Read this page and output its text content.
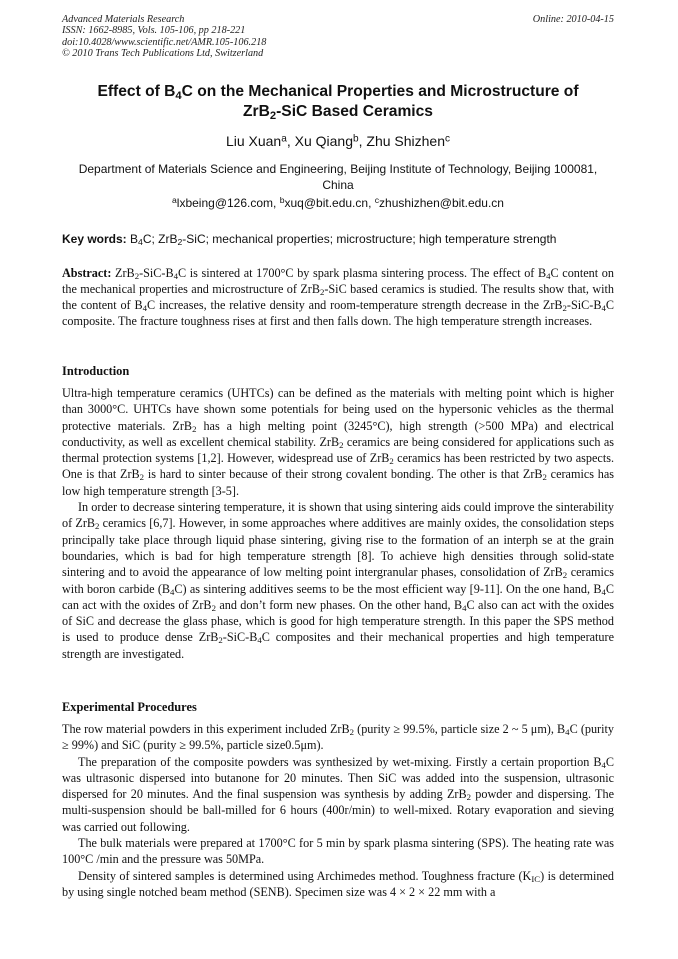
Advanced Materials Research
ISSN: 1662-8985, Vols. 105-106, pp 218-221
doi:10.4028/www.scientific.net/AMR.105-106.218
© 2010 Trans Tech Publications Ltd, Switzerland
Online: 2010-04-15
Effect of $B_4C$ on the Mechanical Properties and Microstructure of
ZrB$_2$-SiC Based Ceramics
Liu Xuan$^a$, Xu Qiang$^b$, Zhu Shizhen$^c$
Department of Materials Science and Engineering, Beijing Institute of Technology, Beijing 100081,
China
$^a$lxbeing@126.com, $^b$xuq@bit.edu.cn, $^c$zhushizhen@bit.edu.cn
Key words: $B_4C$; ZrB$_2$-SiC; mechanical properties; microstructure; high temperature strength
Abstract: $ZrB_2-SiC-B_4C$ is sintered at 1700°C by spark plasma sintering process. The effect of $B_4C$ content on the mechanical properties and microstructure of ZrB$_2$-SiC based ceramics is studied. The results show that, with the content of $B_4C$ increases, the relative density and room-temperature strength decrease in the $ZrB_2-SiC-B_4C$ composite. The fracture toughness rises at first and then falls down. The high temperature strength increases.
Introduction

Ultra-high temperature ceramics (UHTCs) can be defined as the materials with melting point which is higher than 3000°C. UHTCs have shown some potentials for being used on the hypersonic vehicles as the thermal protective materials. ZrB$_2$ has a high melting point (3245°C), high strength (>500 MPa) and electrical conductivity, as well as excellent chemical stability. ZrB$_2$ ceramics are being considered for applications such as thermal protection systems [1,2]. However, widespread use of ZrB$_2$ ceramics has been restricted by two aspects. One is that ZrB$_2$ is hard to sinter because of their strong covalent bonding. The other is that ZrB$_2$ ceramics has low high temperature strength [3-5].

In order to decrease sintering temperature, it is shown that using sintering aids could improve the sinterability of ZrB$_2$ ceramics [6,7]. However, in some approaches where additives are mainly oxides, the consolidation steps principally take place through liquid phase sintering, giving rise to the formation of an interph se at the grain boundaries, which is bad for high temperature strength [8]. To achieve high densities through solid-state sintering and to avoid the appearance of low melting point intergranular phases, consolidation of ZrB$_2$ ceramics with boron carbide $(B_4C)$ as sintering additives seems to be the most efficient way [9-11]. On the one hand, $B_4C$ can act with the oxides of ZrB$_2$ and don’t form new phases. On the other hand, $B_4C$ also can act with the oxides of SiC and decrease the glass phase, which is good for high temperature strength. In this paper the SPS method is used to produce dense $ZrB_2-SiC-B_4C$ composites and their mechanical properties and high temperature strength are investigated.

Experimental Procedures

The row material powders in this experiment included ZrB$_2$ (purity ≥ 99.5%, particle size 2 ~ 5 μm), $B_4C$ (purity ≥ 99%) and SiC (purity ≥ 99.5%, particle size0.5μm).

The preparation of the composite powders was synthesized by wet-mixing. Firstly a certain proportion $B_4C$ was ultrasonic dispersed into butanone for 20 minutes. Then SiC was added into the suspension, ultrasonic dispersed for 20 minutes. And the final suspension was synthesis by adding ZrB$_2$ powder and dispersing. The multi-suspension should be ball-milled for 6 hours (400r/min) to well-mixed. Rotary evaporation and sieving was carried out following.

The bulk materials were prepared at 1700°C for 5 min by spark plasma sintering (SPS). The heating rate was 100°C /min and the pressure was 50MPa.

Density of sintered samples is determined using Archimedes method. Toughness fracture $(K_{IC})$ is determined by using single notched beam method (SENB). Specimen size was 4 × 2 × 22 mm with a
